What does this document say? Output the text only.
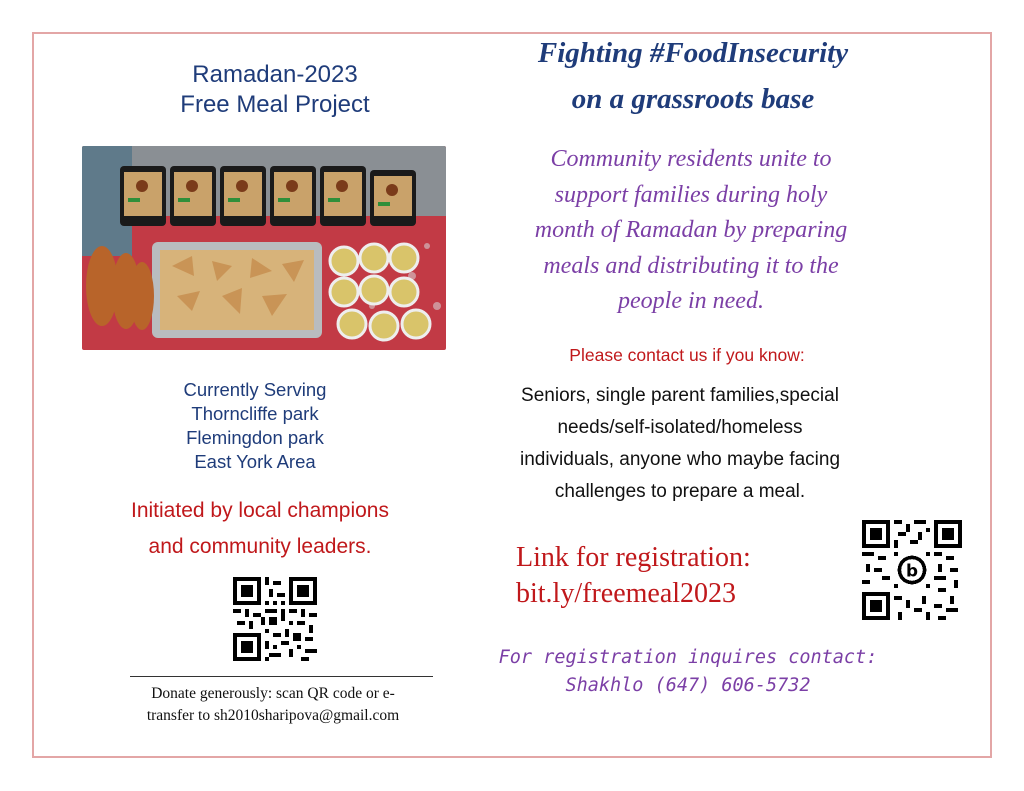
Ramadan-2023
Free Meal Project
Currently Serving
Thorncliffe park
Flemingdon park
East York Area
Initiated by local champions
and community leaders.
Donate generously: scan QR code or e-
transfer to sh2010sharipova@gmail.com
Fighting #FoodInsecurity
on a grassroots base
Community residents unite to
support families during holy
month of Ramadan by preparing
meals and distributing it to the
people in need.
Please contact us if you know:
Seniors, single parent families,special
needs/self-isolated/homeless
individuals, anyone who maybe facing
challenges to prepare a meal.
Link for registration:
bit.ly/freemeal2023
b
For registration inquires contact:
Shakhlo (647) 606-5732
